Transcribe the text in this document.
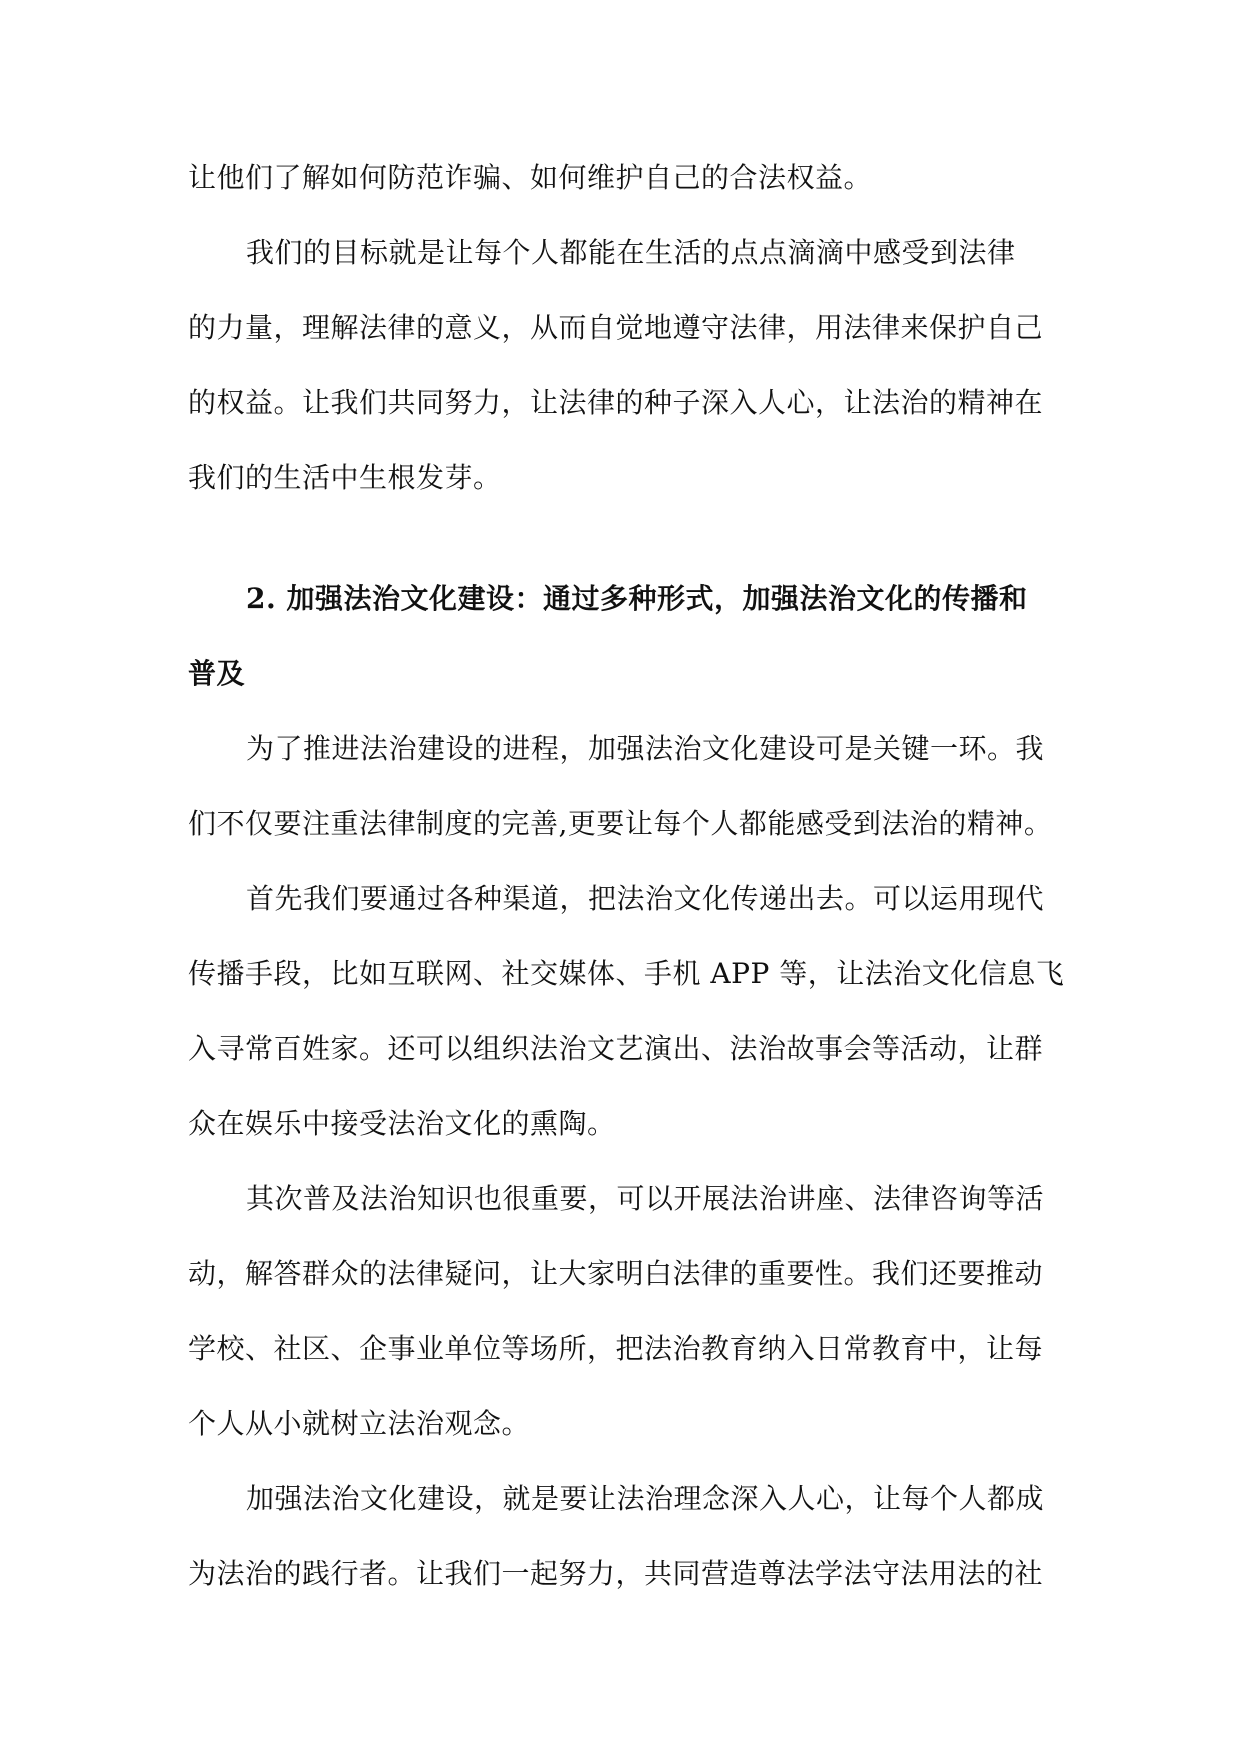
让他们了解如何防范诈骗、如何维护自己的合法权益。
我们的目标就是让每个人都能在生活的点点滴滴中感受到法律
的力量，理解法律的意义，从而自觉地遵守法律，用法律来保护自己
的权益。让我们共同努力，让法律的种子深入人心，让法治的精神在
我们的生活中生根发芽。
2. 加强法治文化建设：通过多种形式，加强法治文化的传播和
普及
为了推进法治建设的进程，加强法治文化建设可是关键一环。我
们不仅要注重法律制度的完善,更要让每个人都能感受到法治的精神。
首先我们要通过各种渠道，把法治文化传递出去。可以运用现代
传播手段，比如互联网、社交媒体、手机 APP 等，让法治文化信息飞
入寻常百姓家。还可以组织法治文艺演出、法治故事会等活动，让群
众在娱乐中接受法治文化的熏陶。
其次普及法治知识也很重要，可以开展法治讲座、法律咨询等活
动，解答群众的法律疑问，让大家明白法律的重要性。我们还要推动
学校、社区、企事业单位等场所，把法治教育纳入日常教育中，让每
个人从小就树立法治观念。
加强法治文化建设，就是要让法治理念深入人心，让每个人都成
为法治的践行者。让我们一起努力，共同营造尊法学法守法用法的社
